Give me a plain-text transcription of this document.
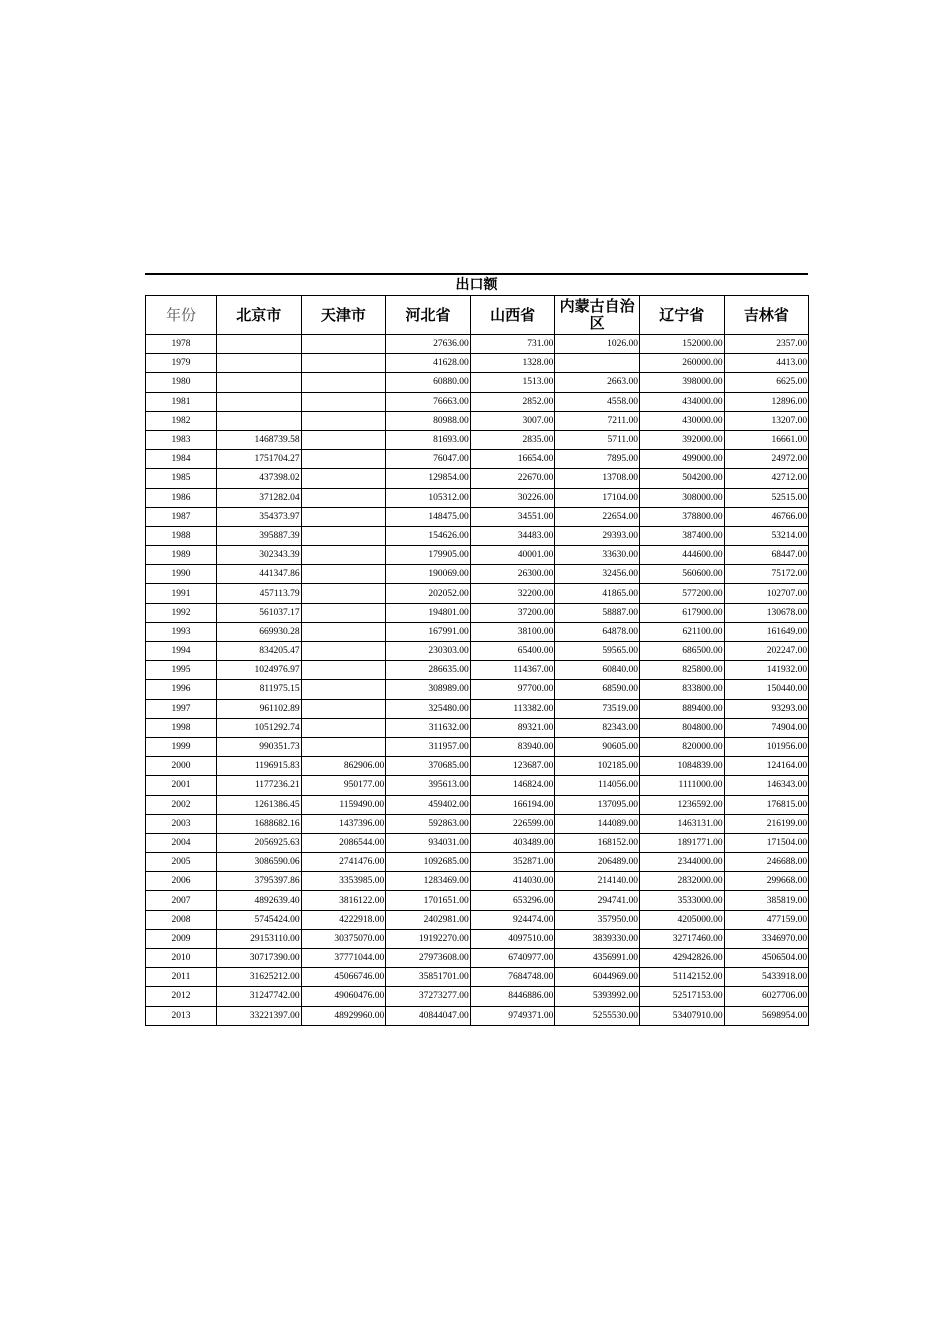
出口额
年份	北京市	天津市	河北省	山西省	内蒙古自治区	辽宁省	吉林省
1978			27636.00	731.00	1026.00	152000.00	2357.00
1979			41628.00	1328.00		260000.00	4413.00
1980			60880.00	1513.00	2663.00	398000.00	6625.00
1981			76663.00	2852.00	4558.00	434000.00	12896.00
1982			80988.00	3007.00	7211.00	430000.00	13207.00
1983	1468739.58		81693.00	2835.00	5711.00	392000.00	16661.00
1984	1751704.27		76047.00	16654.00	7895.00	499000.00	24972.00
1985	437398.02		129854.00	22670.00	13708.00	504200.00	42712.00
1986	371282.04		105312.00	30226.00	17104.00	308000.00	52515.00
1987	354373.97		148475.00	34551.00	22654.00	378800.00	46766.00
1988	395887.39		154626.00	34483.00	29393.00	387400.00	53214.00
1989	302343.39		179905.00	40001.00	33630.00	444600.00	68447.00
1990	441347.86		190069.00	26300.00	32456.00	560600.00	75172.00
1991	457113.79		202052.00	32200.00	41865.00	577200.00	102707.00
1992	561037.17		194801.00	37200.00	58887.00	617900.00	130678.00
1993	669930.28		167991.00	38100.00	64878.00	621100.00	161649.00
1994	834205.47		230303.00	65400.00	59565.00	686500.00	202247.00
1995	1024976.97		286635.00	114367.00	60840.00	825800.00	141932.00
1996	811975.15		308989.00	97700.00	68590.00	833800.00	150440.00
1997	961102.89		325480.00	113382.00	73519.00	889400.00	93293.00
1998	1051292.74		311632.00	89321.00	82343.00	804800.00	74904.00
1999	990351.73		311957.00	83940.00	90605.00	820000.00	101956.00
2000	1196915.83	862906.00	370685.00	123687.00	102185.00	1084839.00	124164.00
2001	1177236.21	950177.00	395613.00	146824.00	114056.00	1111000.00	146343.00
2002	1261386.45	1159490.00	459402.00	166194.00	137095.00	1236592.00	176815.00
2003	1688682.16	1437396.00	592863.00	226599.00	144089.00	1463131.00	216199.00
2004	2056925.63	2086544.00	934031.00	403489.00	168152.00	1891771.00	171504.00
2005	3086590.06	2741476.00	1092685.00	352871.00	206489.00	2344000.00	246688.00
2006	3795397.86	3353985.00	1283469.00	414030.00	214140.00	2832000.00	299668.00
2007	4892639.40	3816122.00	1701651.00	653296.00	294741.00	3533000.00	385819.00
2008	5745424.00	4222918.00	2402981.00	924474.00	357950.00	4205000.00	477159.00
2009	29153110.00	30375070.00	19192270.00	4097510.00	3839330.00	32717460.00	3346970.00
2010	30717390.00	37771044.00	27973608.00	6740977.00	4356991.00	42942826.00	4506504.00
2011	31625212.00	45066746.00	35851701.00	7684748.00	6044969.00	51142152.00	5433918.00
2012	31247742.00	49060476.00	37273277.00	8446886.00	5393992.00	52517153.00	6027706.00
2013	33221397.00	48929960.00	40844047.00	9749371.00	5255530.00	53407910.00	5698954.00
